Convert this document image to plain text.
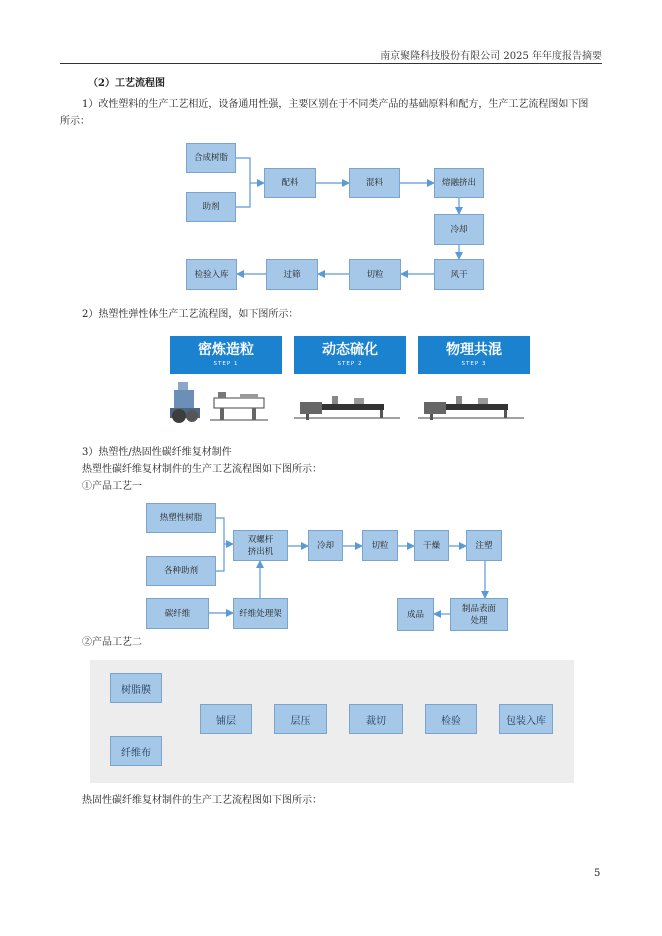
南京聚隆科技股份有限公司 2025 年年度报告摘要
（2）工艺流程图
1）改性塑料的生产工艺相近，设备通用性强，主要区别在于不同类产品的基础原料和配方，生产工艺流程图如下图
所示：
合成树脂
助剂
配料	混料	熔融挤出
冷却
风干
切粒
过筛
检验入库
2）热塑性弹性体生产工艺流程图，如下图所示：
密炼造粒
STEP 1
动态硫化
STEP 2
物理共混
STEP 3
3）热塑性/热固性碳纤维复材制件
热塑性碳纤维复材制件的生产工艺流程图如下图所示：
①产品工艺一
热塑性树脂
各种助剂
碳纤维
双螺杆
挤出机
纤维处理架
冷却	切粒	干燥	注塑
制品表面
处理
成品
②产品工艺二
树脂膜
纤维布
铺层	层压	裁切	检验	包装入库
热固性碳纤维复材制件的生产工艺流程图如下图所示：
5
